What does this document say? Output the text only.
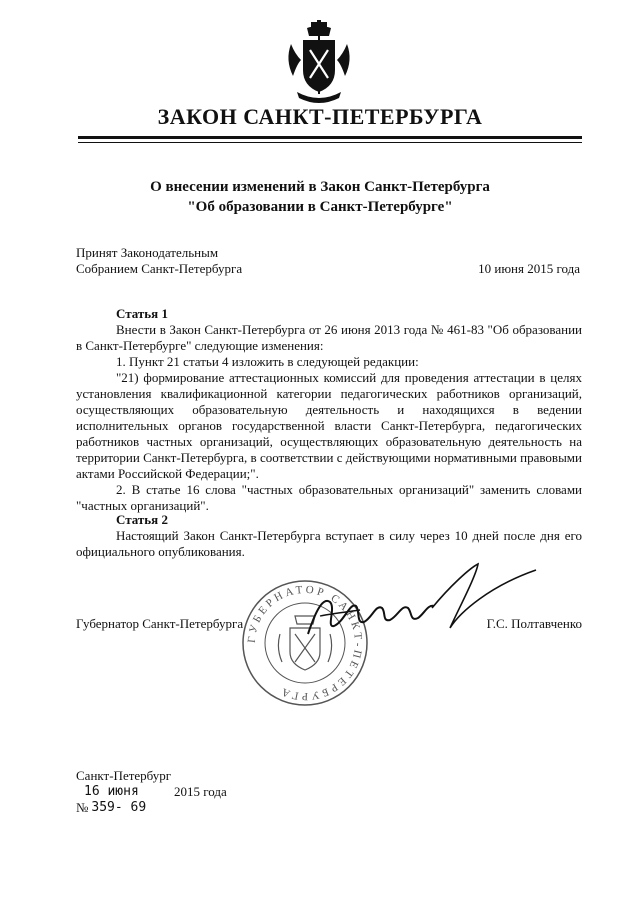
ЗАКОН САНКТ-ПЕТЕРБУРГА
О внесении изменений в Закон Санкт-Петербурга
"Об образовании в Санкт-Петербурге"
Принят Законодательным
Собранием Санкт-Петербурга	10 июня 2015 года

Статья 1

Внести в Закон Санкт-Петербурга от 26 июня 2013 года № 461-83 "Об образовании в Санкт-Петербурге" следующие изменения:

1. Пункт 21 статьи 4 изложить в следующей редакции:

"21) формирование аттестационных комиссий для проведения аттестации в целях установления квалификационной категории педагогических работников организаций, осуществляющих образовательную деятельность и находящихся в ведении исполнительных органов государственной власти Санкт-Петербурга, педагогических работников частных организаций, осуществляющих образовательную деятельность на территории Санкт-Петербурга, в соответствии с действующими нормативными правовыми актами Российской Федерации;".

2. В статье 16 слова "частных образовательных организаций" заменить словами "частных организаций".

Статья 2

Настоящий Закон Санкт-Петербурга вступает в силу через 10 дней после дня его официального опубликования.

Губернатор Санкт-Петербурга	Г.С. Полтавченко
ГУБЕРНАТОР САНКТ-ПЕТЕРБУРГА
Санкт-Петербург
16 июня	2015 года
№ 359- 69
